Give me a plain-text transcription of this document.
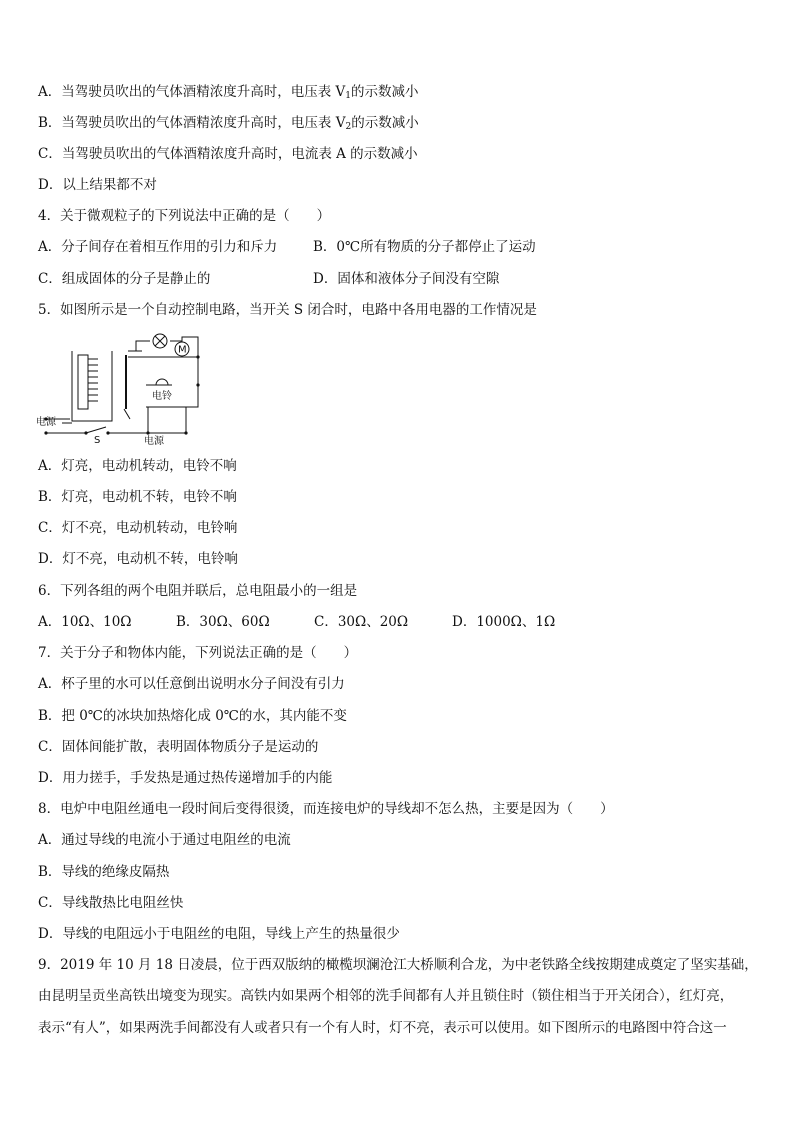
A．当驾驶员吹出的气体酒精浓度升高时，电压表 $V_1$的示数减小
B．当驾驶员吹出的气体酒精浓度升高时，电压表 $V_2$的示数减小
C．当驾驶员吹出的气体酒精浓度升高时，电流表 A 的示数减小
D．以上结果都不对
4．关于微观粒子的下列说法中正确的是（　　）
A．分子间存在着相互作用的引力和斥力	B．0℃所有物质的分子都停止了运动
C．组成固体的分子是静止的	D．固体和液体分子间没有空隙
5．如图所示是一个自动控制电路，当开关 S 闭合时，电路中各用电器的工作情况是
M
电源
S	电源
电铃
A．灯亮，电动机转动，电铃不响
B．灯亮，电动机不转，电铃不响
C．灯不亮，电动机转动，电铃响
D．灯不亮，电动机不转，电铃响
6．下列各组的两个电阻并联后，总电阻最小的一组是
A．10Ω、10Ω	B．30Ω、60Ω	C．30Ω、20Ω	D．1000Ω、1Ω
7．关于分子和物体内能，下列说法正确的是（　　）
A．杯子里的水可以任意倒出说明水分子间没有引力
B．把 0℃的冰块加热熔化成 0℃的水，其内能不变
C．固体间能扩散，表明固体物质分子是运动的
D．用力搓手，手发热是通过热传递增加手的内能
8．电炉中电阻丝通电一段时间后变得很烫，而连接电炉的导线却不怎么热，主要是因为（　　）
A．通过导线的电流小于通过电阻丝的电流
B．导线的绝缘皮隔热
C．导线散热比电阻丝快
D．导线的电阻远小于电阻丝的电阻，导线上产生的热量很少
9．2019 年 10 月 18 日凌晨，位于西双版纳的橄榄坝澜沧江大桥顺利合龙，为中老铁路全线按期建成奠定了坚实基础，
由昆明呈贡坐高铁出境变为现实。高铁内如果两个相邻的洗手间都有人并且锁住时（锁住相当于开关闭合），红灯亮，
表示“有人”，如果两洗手间都没有人或者只有一个有人时，灯不亮，表示可以使用。如下图所示的电路图中符合这一
